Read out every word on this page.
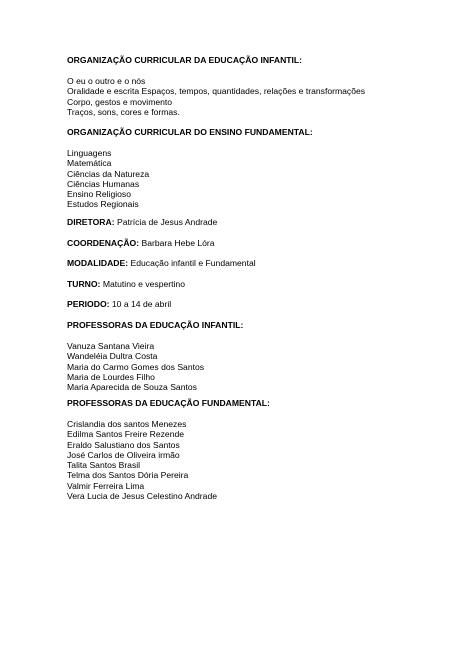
ORGANIZAÇÃO CURRICULAR DA EDUCAÇÃO INFANTIL:
O eu o outro e o nós
Oralidade e escrita Espaços, tempos, quantidades, relações e transformações
Corpo, gestos e movimento
Traços, sons, cores e formas.
ORGANIZAÇÃO CURRICULAR DO ENSINO FUNDAMENTAL:
Linguagens
Matemática
Ciências da Natureza
Ciências Humanas
Ensino Religioso
Estudos Regionais
DIRETORA: Patrícia de Jesus Andrade
COORDENAÇÃO: Barbara Hebe Lóra
MODALIDADE: Educação infantil e Fundamental
TURNO: Matutino e vespertino
PERIODO: 10 a 14 de abril
PROFESSORAS DA EDUCAÇÃO INFANTIL:
Vanuza Santana Vieira
Wandeléia Dultra Costa
Maria do Carmo Gomes dos Santos
Maria de Lourdes Filho
Maria Aparecida de Souza Santos
PROFESSORAS DA EDUCAÇÃO FUNDAMENTAL:
Crislandia dos santos Menezes
Edilma Santos Freire Rezende
Eraldo Salustiano dos Santos
José Carlos de Oliveira irmão
Talita Santos Brasil
Telma dos Santos Dória Pereira
Valmir Ferreira Lima
Vera Lucia de Jesus Celestino Andrade
